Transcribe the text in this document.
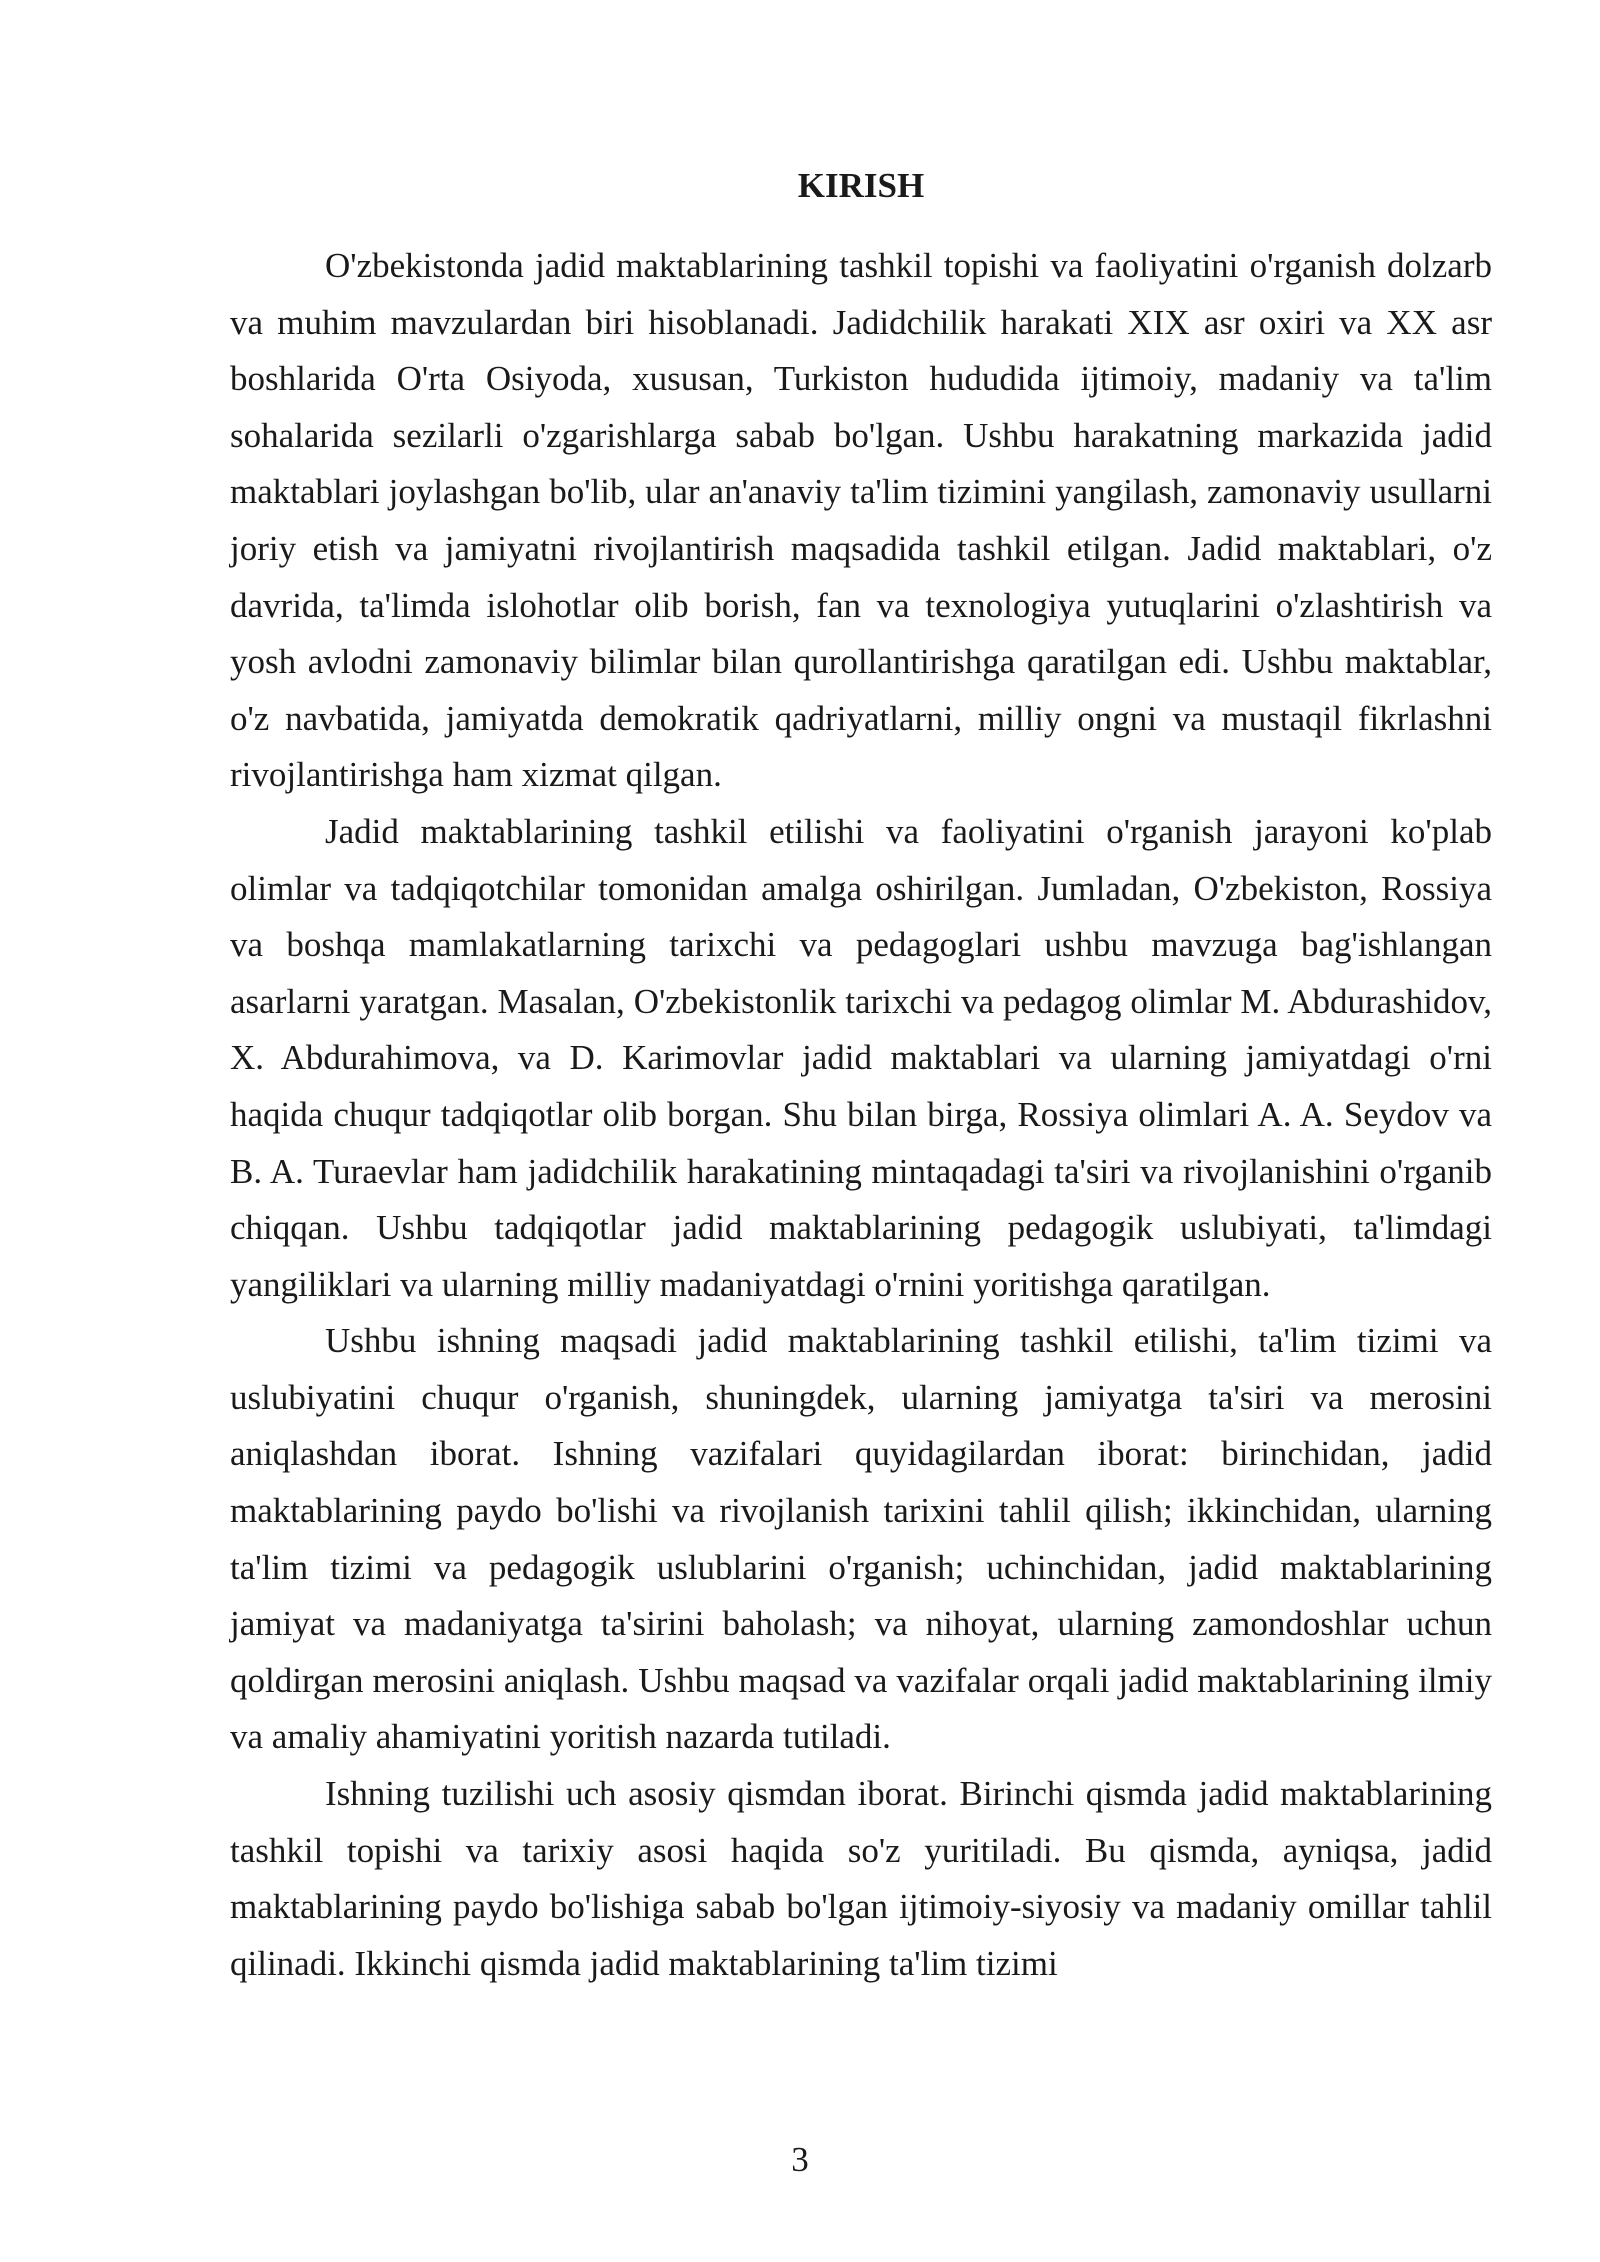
KIRISH

O'zbekistonda jadid maktablarining tashkil topishi va faoliyatini o'rganish dolzarb va muhim mavzulardan biri hisoblanadi. Jadidchilik harakati XIX asr oxiri va XX asr boshlarida O'rta Osiyoda, xususan, Turkiston hududida ijtimoiy, madaniy va ta'lim sohalarida sezilarli o'zgarishlarga sabab bo'lgan. Ushbu harakatning markazida jadid maktablari joylashgan bo'lib, ular an'anaviy ta'lim tizimini yangilash, zamonaviy usullarni joriy etish va jamiyatni rivojlantirish maqsadida tashkil etilgan. Jadid maktablari, o'z davrida, ta'limda islohotlar olib borish, fan va texnologiya yutuqlarini o'zlashtirish va yosh avlodni zamonaviy bilimlar bilan qurollantirishga qaratilgan edi. Ushbu maktablar, o'z navbatida, jamiyatda demokratik qadriyatlarni, milliy ongni va mustaqil fikrlashni rivojlantirishga ham xizmat qilgan.

Jadid maktablarining tashkil etilishi va faoliyatini o'rganish jarayoni ko'plab olimlar va tadqiqotchilar tomonidan amalga oshirilgan. Jumladan, O'zbekiston, Rossiya va boshqa mamlakatlarning tarixchi va pedagoglari ushbu mavzuga bag'ishlangan asarlarni yaratgan. Masalan, O'zbekistonlik tarixchi va pedagog olimlar M. Abdurashidov, X. Abdurahimova, va D. Karimovlar jadid maktablari va ularning jamiyatdagi o'rni haqida chuqur tadqiqotlar olib borgan. Shu bilan birga, Rossiya olimlari A. A. Seydov va B. A. Turaevlar ham jadidchilik harakatining mintaqadagi ta'siri va rivojlanishini o'rganib chiqqan. Ushbu tadqiqotlar jadid maktablarining pedagogik uslubiyati, ta'limdagi yangiliklari va ularning milliy madaniyatdagi o'rnini yoritishga qaratilgan.

Ushbu ishning maqsadi jadid maktablarining tashkil etilishi, ta'lim tizimi va uslubiyatini chuqur o'rganish, shuningdek, ularning jamiyatga ta'siri va merosini aniqlashdan iborat. Ishning vazifalari quyidagilardan iborat: birinchidan, jadid maktablarining paydo bo'lishi va rivojlanish tarixini tahlil qilish; ikkinchidan, ularning ta'lim tizimi va pedagogik uslublarini o'rganish; uchinchidan, jadid maktablarining jamiyat va madaniyatga ta'sirini baholash; va nihoyat, ularning zamondoshlar uchun qoldirgan merosini aniqlash. Ushbu maqsad va vazifalar orqali jadid maktablarining ilmiy va amaliy ahamiyatini yoritish nazarda tutiladi.

Ishning tuzilishi uch asosiy qismdan iborat. Birinchi qismda jadid maktablarining tashkil topishi va tarixiy asosi haqida so'z yuritiladi. Bu qismda, ayniqsa, jadid maktablarining paydo bo'lishiga sabab bo'lgan ijtimoiy-siyosiy va madaniy omillar tahlil qilinadi. Ikkinchi qismda jadid maktablarining ta'lim tizimi

3
